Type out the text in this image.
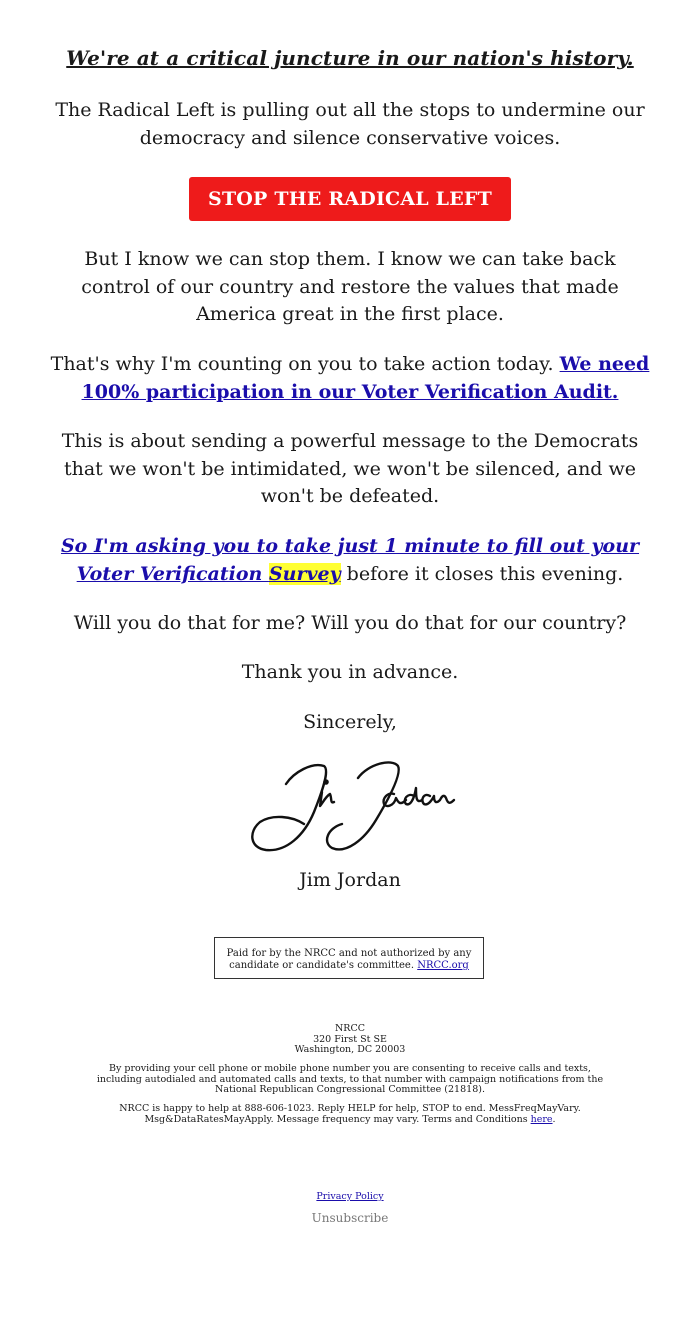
We're at a critical juncture in our nation's history.
The Radical Left is pulling out all the stops to undermine our democracy and silence conservative voices.
STOP THE RADICAL LEFT
But I know we can stop them. I know we can take back control of our country and restore the values that made America great in the first place.
That's why I'm counting on you to take action today. We need 100% participation in our Voter Verification Audit.
This is about sending a powerful message to the Democrats that we won't be intimidated, we won't be silenced, and we won't be defeated.
So I'm asking you to take just 1 minute to fill out your Voter Verification Survey before it closes this evening.
Will you do that for me? Will you do that for our country?
Thank you in advance.
Sincerely,
Jim Jordan
Paid for by the NRCC and not authorized by any candidate or candidate's committee. NRCC.org
NRCC
320 First St SE
Washington, DC 20003
By providing your cell phone or mobile phone number you are consenting to receive calls and texts, including autodialed and automated calls and texts, to that number with campaign notifications from the National Republican Congressional Committee (21818).
NRCC is happy to help at 888-606-1023. Reply HELP for help, STOP to end. MessFreqMayVary. Msg&DataRatesMayApply. Message frequency may vary. Terms and Conditions here.
Privacy Policy
Unsubscribe
